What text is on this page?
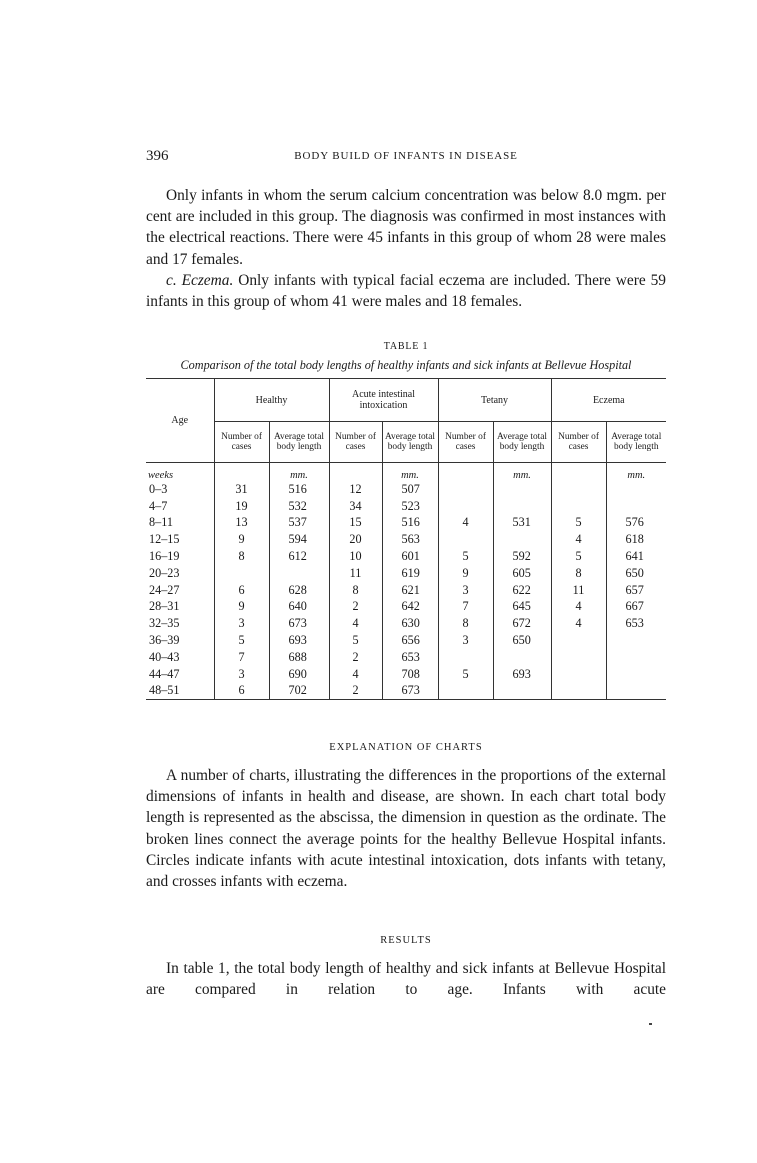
396	BODY BUILD OF INFANTS IN DISEASE

Only infants in whom the serum calcium concentration was below 8.0 mgm. per cent are included in this group. The diagnosis was confirmed in most instances with the electrical reactions. There were 45 infants in this group of whom 28 were males and 17 females.

c. Eczema. Only infants with typical facial eczema are included. There were 59 infants in this group of whom 41 were males and 18 females.

TABLE 1
Comparison of the total body lengths of healthy infants and sick infants at Bellevue Hospital
Age	Healthy		Acute intestinal intoxication		Tetany		Eczema	
	Number of cases	Average total body length	Number of cases	Average total body length	Number of cases	Average total body length	Number of cases	Average total body length
weeks		mm.		mm.		mm.		mm.
0–3	31	516	12	507				
4–7	19	532	34	523				
8–11	13	537	15	516	4	531	5	576
12–15	9	594	20	563			4	618
16–19	8	612	10	601	5	592	5	641
20–23			11	619	9	605	8	650
24–27	6	628	8	621	3	622	11	657
28–31	9	640	2	642	7	645	4	667
32–35	3	673	4	630	8	672	4	653
36–39	5	693	5	656	3	650		
40–43	7	688	2	653				
44–47	3	690	4	708	5	693		
48–51	6	702	2	673				
EXPLANATION OF CHARTS

A number of charts, illustrating the differences in the proportions of the external dimensions of infants in health and disease, are shown. In each chart total body length is represented as the abscissa, the dimension in question as the ordinate. The broken lines connect the average points for the healthy Bellevue Hospital infants. Circles indicate infants with acute intestinal intoxication, dots infants with tetany, and crosses infants with eczema.

RESULTS

In table 1, the total body length of healthy and sick infants at Bellevue Hospital are compared in relation to age. Infants with acute
